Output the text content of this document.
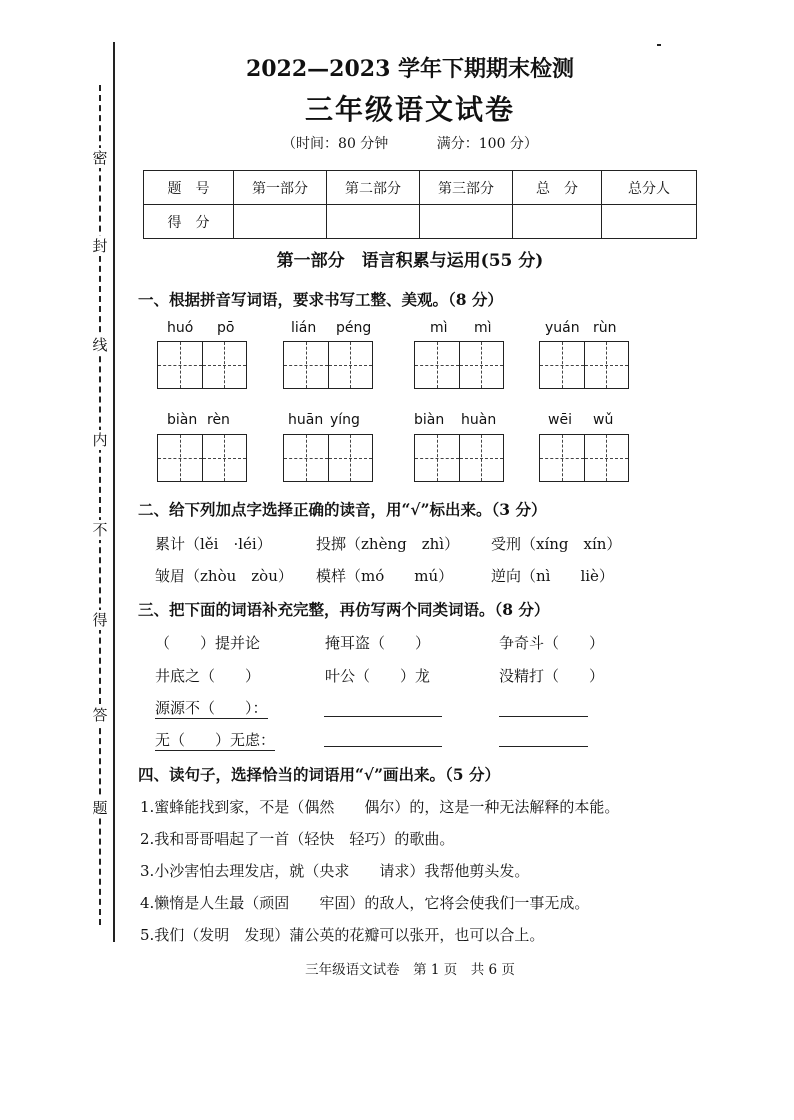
密
封
线
内
不
得
答
题
2022—2023 学年下期期末检测
三年级语文试卷
（时间：80 分钟	满分：100 分）
题　号	第一部分	第二部分	第三部分	总　分	总分人
得　分					
第一部分　语言积累与运用(55 分)
一、根据拼音写词语，要求书写工整、美观。（8 分）
huó pō	lián péng	mì mì	yuán rùn
biàn rèn	huān yíng	biàn huàn	wēi wǔ
二、给下列加点字选择正确的读音，用“√”标出来。（3 分）
累计（lěi　·léi）	投掷（zhèng　zhì） 受刑（xíng　xín）
皱眉（zhòu　zòu） 模样（mó　　mú）	逆向（nì　　liè）
三、把下面的词语补充完整，再仿写两个同类词语。（8 分）
（　　）提并论	掩耳盗（　　）	争奇斗（　　）
井底之（　　）	叶公（　　）龙	没精打（　　）
源源不（　　）：
无（　　）无虑：
四、读句子，选择恰当的词语用“√”画出来。（5 分）
1.蜜蜂能找到家，不是（偶然　　偶尔）的，这是一种无法解释的本能。
2.我和哥哥唱起了一首（轻快　轻巧）的歌曲。
3.小沙害怕去理发店，就（央求　　请求）我帮他剪头发。
4.懒惰是人生最（顽固　　牢固）的敌人，它将会使我们一事无成。
5.我们（发明　发现）蒲公英的花瓣可以张开，也可以合上。
三年级语文试卷　第 1 页　共 6 页
